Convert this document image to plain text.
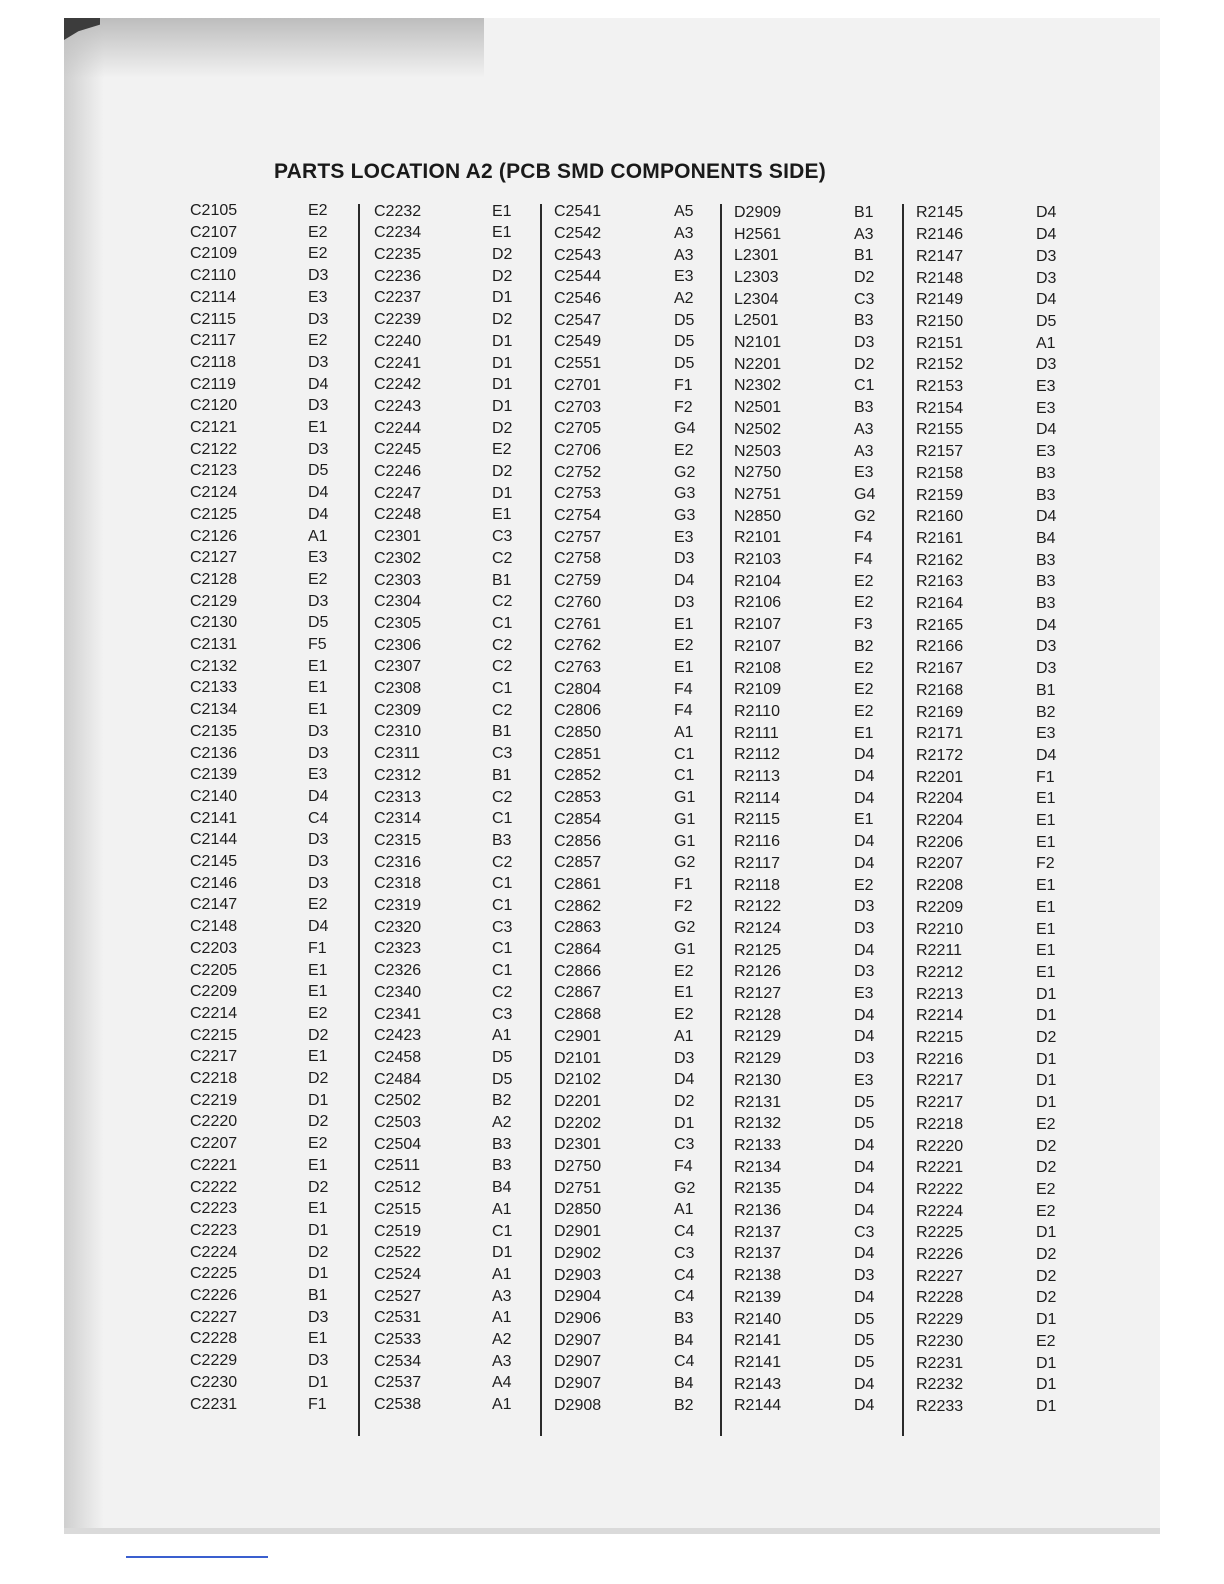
PARTS LOCATION A2 (PCB SMD COMPONENTS SIDE)
C2105	E2
C2107	E2
C2109	E2
C2110	D3
C2114	E3
C2115	D3
C2117	E2
C2118	D3
C2119	D4
C2120	D3
C2121	E1
C2122	D3
C2123	D5
C2124	D4
C2125	D4
C2126	A1
C2127	E3
C2128	E2
C2129	D3
C2130	D5
C2131	F5
C2132	E1
C2133	E1
C2134	E1
C2135	D3
C2136	D3
C2139	E3
C2140	D4
C2141	C4
C2144	D3
C2145	D3
C2146	D3
C2147	E2
C2148	D4
C2203	F1
C2205	E1
C2209	E1
C2214	E2
C2215	D2
C2217	E1
C2218	D2
C2219	D1
C2220	D2
C2207	E2
C2221	E1
C2222	D2
C2223	E1
C2223	D1
C2224	D2
C2225	D1
C2226	B1
C2227	D3
C2228	E1
C2229	D3
C2230	D1
C2231	F1
C2232	E1
C2234	E1
C2235	D2
C2236	D2
C2237	D1
C2239	D2
C2240	D1
C2241	D1
C2242	D1
C2243	D1
C2244	D2
C2245	E2
C2246	D2
C2247	D1
C2248	E1
C2301	C3
C2302	C2
C2303	B1
C2304	C2
C2305	C1
C2306	C2
C2307	C2
C2308	C1
C2309	C2
C2310	B1
C2311	C3
C2312	B1
C2313	C2
C2314	C1
C2315	B3
C2316	C2
C2318	C1
C2319	C1
C2320	C3
C2323	C1
C2326	C1
C2340	C2
C2341	C3
C2423	A1
C2458	D5
C2484	D5
C2502	B2
C2503	A2
C2504	B3
C2511	B3
C2512	B4
C2515	A1
C2519	C1
C2522	D1
C2524	A1
C2527	A3
C2531	A1
C2533	A2
C2534	A3
C2537	A4
C2538	A1
C2541	A5
C2542	A3
C2543	A3
C2544	E3
C2546	A2
C2547	D5
C2549	D5
C2551	D5
C2701	F1
C2703	F2
C2705	G4
C2706	E2
C2752	G2
C2753	G3
C2754	G3
C2757	E3
C2758	D3
C2759	D4
C2760	D3
C2761	E1
C2762	E2
C2763	E1
C2804	F4
C2806	F4
C2850	A1
C2851	C1
C2852	C1
C2853	G1
C2854	G1
C2856	G1
C2857	G2
C2861	F1
C2862	F2
C2863	G2
C2864	G1
C2866	E2
C2867	E1
C2868	E2
C2901	A1
D2101	D3
D2102	D4
D2201	D2
D2202	D1
D2301	C3
D2750	F4
D2751	G2
D2850	A1
D2901	C4
D2902	C3
D2903	C4
D2904	C4
D2906	B3
D2907	B4
D2907	C4
D2907	B4
D2908	B2
D2909	B1
H2561	A3
L2301	B1
L2303	D2
L2304	C3
L2501	B3
N2101	D3
N2201	D2
N2302	C1
N2501	B3
N2502	A3
N2503	A3
N2750	E3
N2751	G4
N2850	G2
R2101	F4
R2103	F4
R2104	E2
R2106	E2
R2107	F3
R2107	B2
R2108	E2
R2109	E2
R2110	E2
R2111	E1
R2112	D4
R2113	D4
R2114	D4
R2115	E1
R2116	D4
R2117	D4
R2118	E2
R2122	D3
R2124	D3
R2125	D4
R2126	D3
R2127	E3
R2128	D4
R2129	D4
R2129	D3
R2130	E3
R2131	D5
R2132	D5
R2133	D4
R2134	D4
R2135	D4
R2136	D4
R2137	C3
R2137	D4
R2138	D3
R2139	D4
R2140	D5
R2141	D5
R2141	D5
R2143	D4
R2144	D4
R2145	D4
R2146	D4
R2147	D3
R2148	D3
R2149	D4
R2150	D5
R2151	A1
R2152	D3
R2153	E3
R2154	E3
R2155	D4
R2157	E3
R2158	B3
R2159	B3
R2160	D4
R2161	B4
R2162	B3
R2163	B3
R2164	B3
R2165	D4
R2166	D3
R2167	D3
R2168	B1
R2169	B2
R2171	E3
R2172	D4
R2201	F1
R2204	E1
R2204	E1
R2206	E1
R2207	F2
R2208	E1
R2209	E1
R2210	E1
R2211	E1
R2212	E1
R2213	D1
R2214	D1
R2215	D2
R2216	D1
R2217	D1
R2217	D1
R2218	E2
R2220	D2
R2221	D2
R2222	E2
R2224	E2
R2225	D1
R2226	D2
R2227	D2
R2228	D2
R2229	D1
R2230	E2
R2231	D1
R2232	D1
R2233	D1
